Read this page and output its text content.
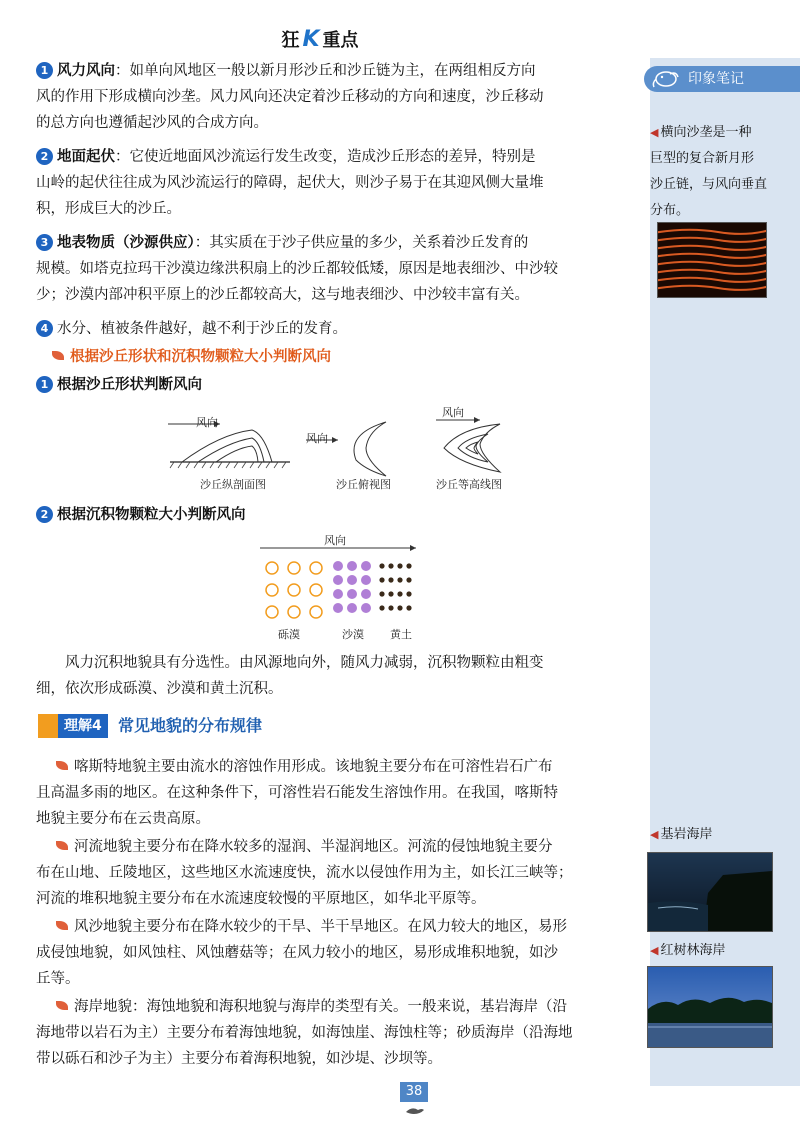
狂 K 重点
印象笔记
◀ 横向沙垄是一种
巨型的复合新月形
沙丘链，与风向垂直
分布。
◀ 基岩海岸
◀ 红树林海岸
1 风力风向：如单向风地区一般以新月形沙丘和沙丘链为主，在两组相反方向
风的作用下形成横向沙垄。风力风向还决定着沙丘移动的方向和速度，沙丘移动
的总方向也遵循起沙风的合成方向。
2 地面起伏：它使近地面风沙流运行发生改变，造成沙丘形态的差异，特别是
山岭的起伏往往成为风沙流运行的障碍，起伏大，则沙子易于在其迎风侧大量堆
积，形成巨大的沙丘。
3 地表物质（沙源供应）：其实质在于沙子供应量的多少，关系着沙丘发育的
规模。如塔克拉玛干沙漠边缘洪积扇上的沙丘都较低矮，原因是地表细沙、中沙较
少；沙漠内部冲积平原上的沙丘都较高大，这与地表细沙、中沙较丰富有关。
4 水分、植被条件越好，越不利于沙丘的发育。
根据沙丘形状和沉积物颗粒大小判断风向
1 根据沙丘形状判断风向
风向
风向
风向
沙丘纵剖面图	沙丘俯视图	沙丘等高线图
2 根据沉积物颗粒大小判断风向
风向
砾漠	沙漠 黄土
风力沉积地貌具有分选性。由风源地向外，随风力减弱，沉积物颗粒由粗变
细，依次形成砾漠、沙漠和黄土沉积。
理解4	常见地貌的分布规律
喀斯特地貌主要由流水的溶蚀作用形成。该地貌主要分布在可溶性岩石广布
且高温多雨的地区。在这种条件下，可溶性岩石能发生溶蚀作用。在我国，喀斯特
地貌主要分布在云贵高原。
河流地貌主要分布在降水较多的湿润、半湿润地区。河流的侵蚀地貌主要分
布在山地、丘陵地区，这些地区水流速度快，流水以侵蚀作用为主，如长江三峡等；
河流的堆积地貌主要分布在水流速度较慢的平原地区，如华北平原等。
风沙地貌主要分布在降水较少的干旱、半干旱地区。在风力较大的地区，易形
成侵蚀地貌，如风蚀柱、风蚀蘑菇等；在风力较小的地区，易形成堆积地貌，如沙
丘等。
海岸地貌：海蚀地貌和海积地貌与海岸的类型有关。一般来说，基岩海岸（沿
海地带以岩石为主）主要分布着海蚀地貌，如海蚀崖、海蚀柱等；砂质海岸（沿海地
带以砾石和沙子为主）主要分布着海积地貌，如沙堤、沙坝等。
38
